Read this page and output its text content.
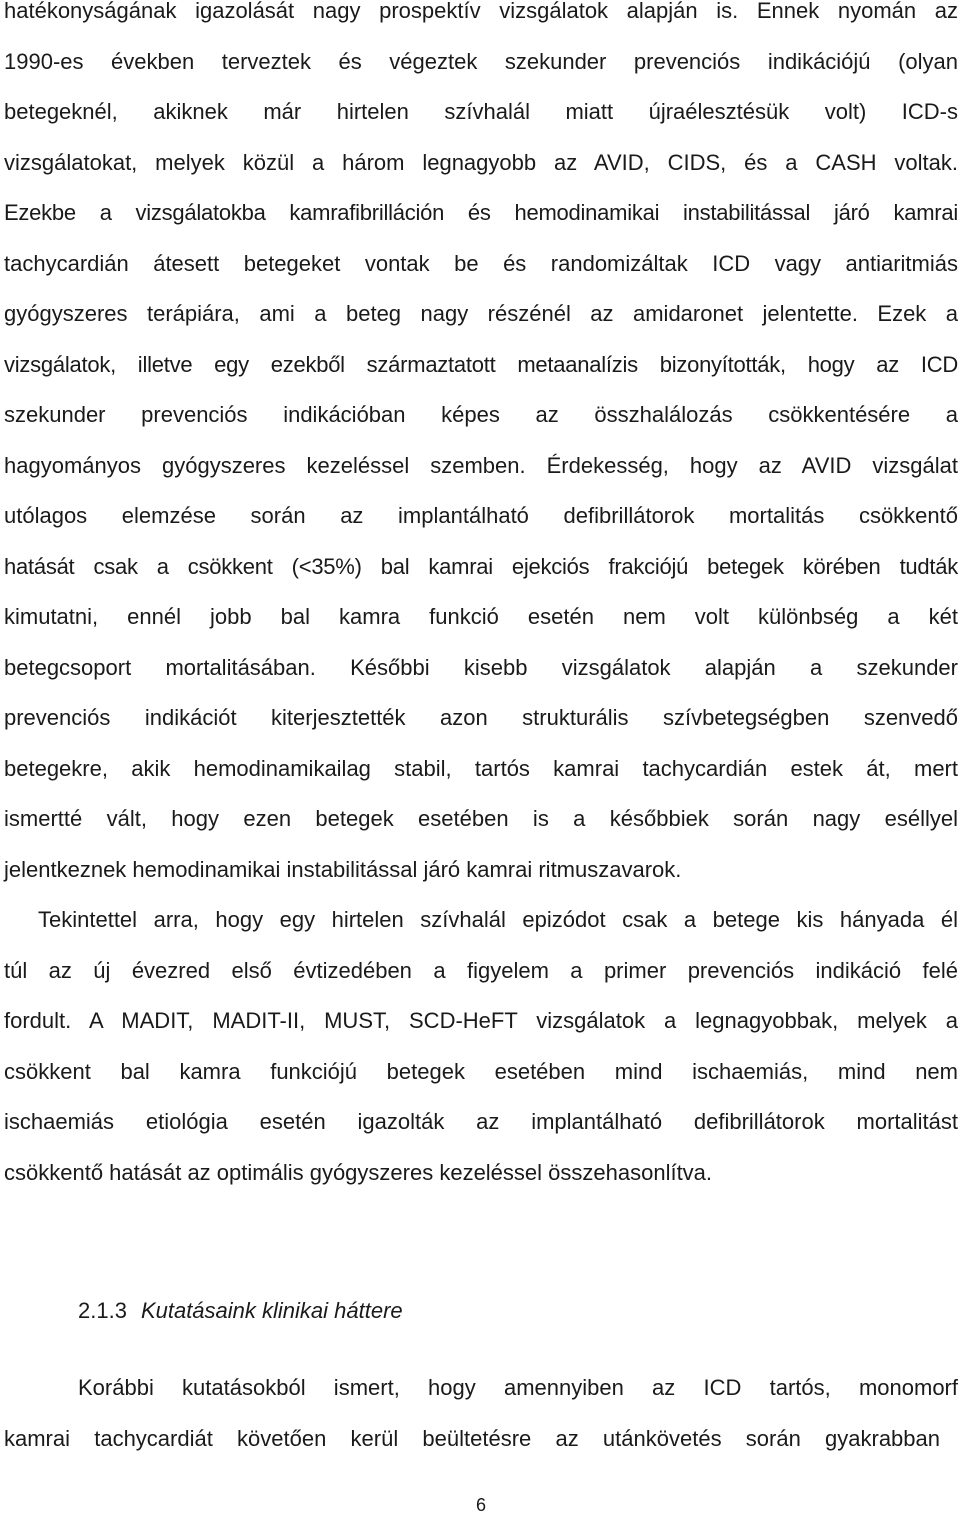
hatékonyságának igazolását nagy prospektív vizsgálatok alapján is. Ennek nyomán az
1990-es években terveztek és végeztek szekunder prevenciós indikációjú (olyan
betegeknél, akiknek már hirtelen szívhalál miatt újraélesztésük volt) ICD-s
vizsgálatokat, melyek közül a három legnagyobb az AVID, CIDS, és a CASH voltak.
Ezekbe a vizsgálatokba kamrafibrilláción és hemodinamikai instabilitással járó kamrai
tachycardián átesett betegeket vontak be és randomizáltak ICD vagy antiaritmiás
gyógyszeres terápiára, ami a beteg nagy részénél az amidaronet jelentette. Ezek a
vizsgálatok, illetve egy ezekből származtatott metaanalízis bizonyították, hogy az ICD
szekunder prevenciós indikációban képes az összhalálozás csökkentésére a
hagyományos gyógyszeres kezeléssel szemben. Érdekesség, hogy az AVID vizsgálat
utólagos elemzése során az implantálható defibrillátorok mortalitás csökkentő
hatását csak a csökkent (<35%) bal kamrai ejekciós frakciójú betegek körében tudták
kimutatni, ennél jobb bal kamra funkció esetén nem volt különbség a két
betegcsoport mortalitásában. Későbbi kisebb vizsgálatok alapján a szekunder
prevenciós indikációt kiterjesztették azon strukturális szívbetegségben szenvedő
betegekre, akik hemodinamikailag stabil, tartós kamrai tachycardián estek át, mert
ismertté vált, hogy ezen betegek esetében is a későbbiek során nagy eséllyel
jelentkeznek hemodinamikai instabilitással járó kamrai ritmuszavarok.
Tekintettel arra, hogy egy hirtelen szívhalál epizódot csak a betege kis hányada él
túl az új évezred első évtizedében a figyelem a primer prevenciós indikáció felé
fordult. A MADIT, MADIT-II, MUST, SCD-HeFT vizsgálatok a legnagyobbak, melyek a
csökkent bal kamra funkciójú betegek esetében mind ischaemiás, mind nem
ischaemiás etiológia esetén igazolták az implantálható defibrillátorok mortalitást
csökkentő hatását az optimális gyógyszeres kezeléssel összehasonlítva.
2.1.3 Kutatásaink klinikai háttere
Korábbi kutatásokból ismert, hogy amennyiben az ICD tartós, monomorf
kamrai tachycardiát követően kerül beültetésre az utánkövetés során gyakrabban
6
